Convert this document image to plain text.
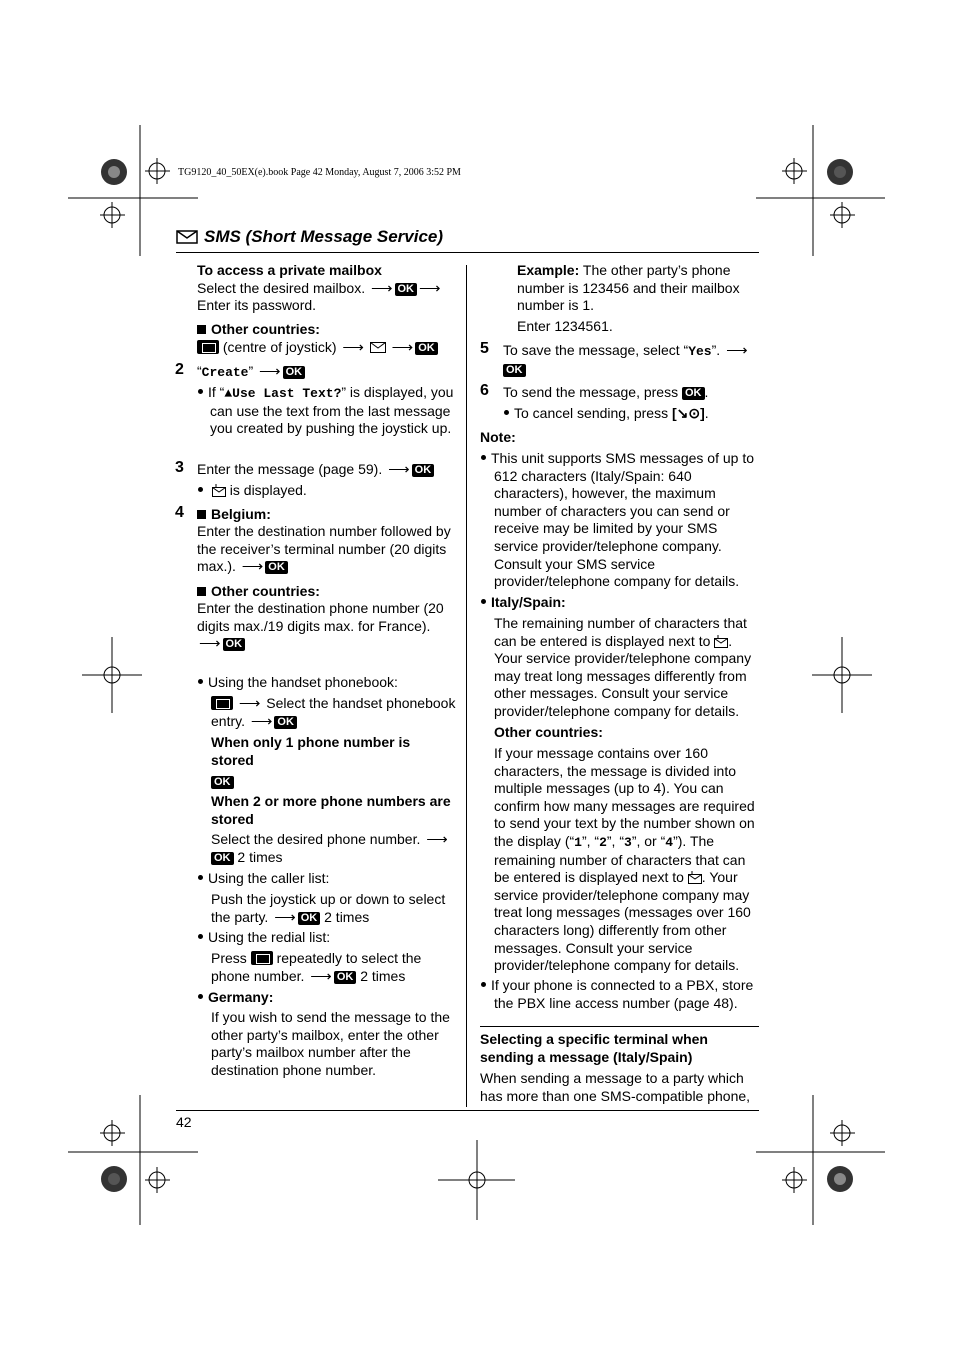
TG9120_40_50EX(e).book Page 42 Monday, August 7, 2006 3:52 PM
SMS (Short Message Service)
To access a private mailbox
Select the desired mailbox. ⟶ OK ⟶
Enter its password.
Other countries:
(centre of joystick) ⟶ ⟶ OK
2 “Create” ⟶ OK
If “▲Use Last Text?” is displayed, you can use the text from the last message you created by pushing the joystick up.
3 Enter the message (page 59). ⟶ OK
is displayed.
4	Belgium:
Enter the destination number followed by the receiver’s terminal number (20 digits max.). ⟶ OK
Other countries:
Enter the destination phone number (20 digits max./19 digits max. for France).
⟶ OK
Using the handset phonebook:
⟶ Select the handset phonebook entry. ⟶ OK
When only 1 phone number is stored
OK
When 2 or more phone numbers are stored
Select the desired phone number. ⟶
OK 2 times
Using the caller list:
Push the joystick up or down to select the party. ⟶ OK 2 times
Using the redial list:
Press repeatedly to select the phone number. ⟶ OK 2 times
Germany:
If you wish to send the message to the other party’s mailbox, enter the other party’s mailbox number after the destination phone number.
Example: The other party’s phone number is 123456 and their mailbox number is 1.
Enter 1234561.
5 To save the message, select “Yes”. ⟶
OK
6 To send the message, press OK .
To cancel sending, press [↘⊙].
Note:
This unit supports SMS messages of up to 612 characters (Italy/Spain: 640 characters), however, the maximum number of characters you can send or receive may be limited by your SMS service provider/telephone company. Consult your SMS service provider/telephone company for details.
Italy/Spain:
The remaining number of characters that can be entered is displayed next to . Your service provider/telephone company may treat long messages differently from other messages. Consult your service provider/telephone company for details.
Other countries:
If your message contains over 160 characters, the message is divided into multiple messages (up to 4). You can confirm how many messages are required to send your text by the number shown on the display (“1”, “2”, “3”, or “4”). The remaining number of characters that can be entered is displayed next to . Your service provider/telephone company may treat long messages (messages over 160 characters long) differently from other messages. Consult your service provider/telephone company for details.
If your phone is connected to a PBX, store the PBX line access number (page 48).
Selecting a specific terminal when sending a message (Italy/Spain)
When sending a message to a party which has more than one SMS-compatible phone,
42
